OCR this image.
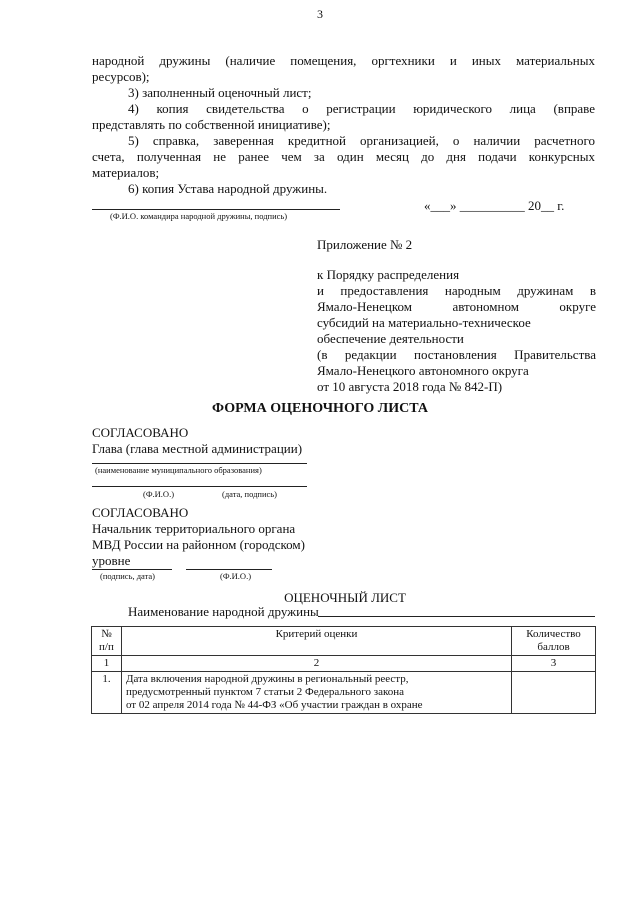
3
народной дружины (наличие помещения, оргтехники и иных материальных
ресурсов);
3) заполненный оценочный лист;
4) копия свидетельства о регистрации юридического лица (вправе
представлять по собственной инициативе);
5) справка, заверенная кредитной организацией, о наличии расчетного
счета, полученная не ранее чем за один месяц до дня подачи конкурсных
материалов;
6) копия Устава народной дружины.
(Ф.И.О. командира народной дружины, подпись)
«___» __________ 20__ г.
Приложение № 2
к Порядку распределения
и предоставления народным дружинам в
Ямало-Ненецком автономном округе
субсидий на материально-техническое
обеспечение деятельности
(в редакции постановления Правительства
Ямало-Ненецкого автономного округа
от 10 августа 2018 года № 842-П)
ФОРМА ОЦЕНОЧНОГО ЛИСТА
СОГЛАСОВАНО
Глава (глава местной администрации)
(наименование муниципального образования)
(Ф.И.О.)	(дата, подпись)
СОГЛАСОВАНО
Начальник территориального органа
МВД России на районном (городском)
уровне
(подпись, дата)	(Ф.И.О.)
ОЦЕНОЧНЫЙ ЛИСТ
Наименование народной дружины
№ п/п	Критерий оценки	Количество баллов
1	2	3
1.	Дата включения народной дружины в региональный реестр,
предусмотренный пунктом 7 статьи 2 Федерального закона
от 02 апреля 2014 года № 44-ФЗ «Об участии граждан в охране	
